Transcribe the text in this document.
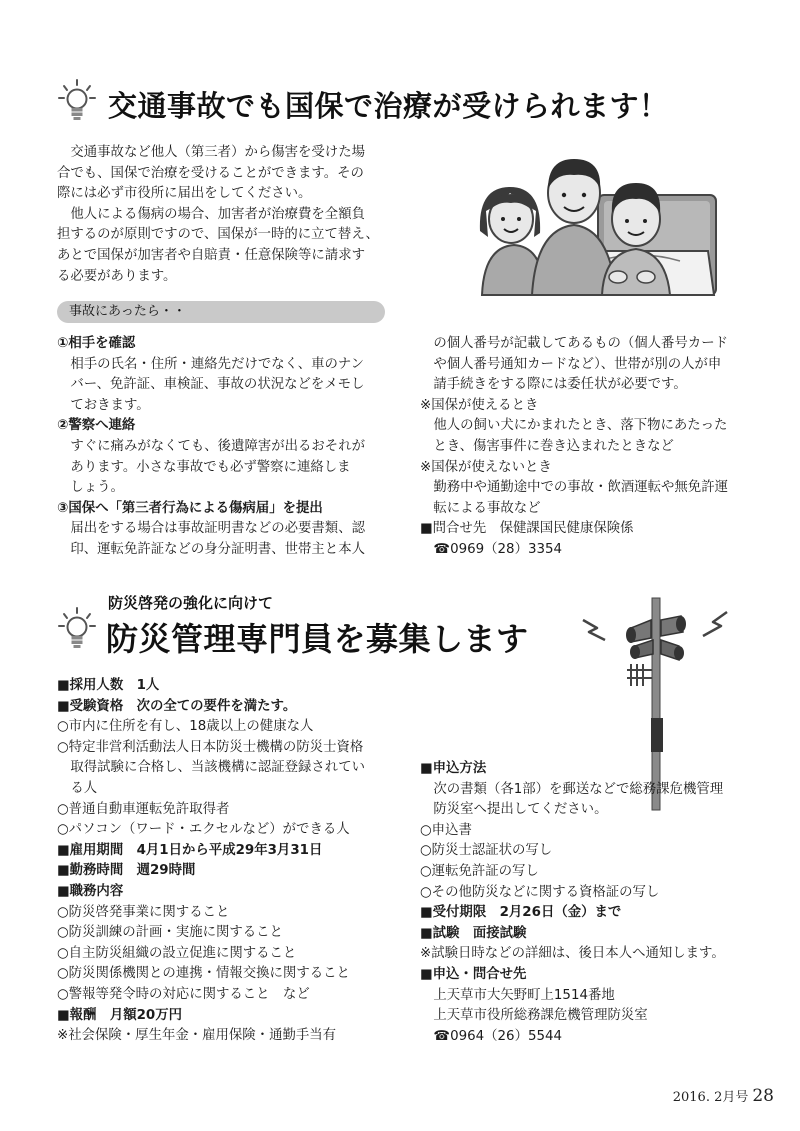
交通事故でも国保で治療が受けられます！
交通事故など他人（第三者）から傷害を受けた場
合でも、国保で治療を受けることができます。その
際には必ず市役所に届出をしてください。
他人による傷病の場合、加害者が治療費を全額負
担するのが原則ですので、国保が一時的に立て替え、
あとで国保が加害者や自賠責・任意保険等に請求す
る必要があります。
事故にあったら・・
①相手を確認
相手の氏名・住所・連絡先だけでなく、車のナン
バー、免許証、車検証、事故の状況などをメモし
ておきます。
②警察へ連絡
すぐに痛みがなくても、後遺障害が出るおそれが
あります。小さな事故でも必ず警察に連絡しま
しょう。
③国保へ「第三者行為による傷病届」を提出
届出をする場合は事故証明書などの必要書類、認
印、運転免許証などの身分証明書、世帯主と本人
の個人番号が記載してあるもの（個人番号カード
や個人番号通知カードなど）、世帯が別の人が申
請手続きをする際には委任状が必要です。
※国保が使えるとき
他人の飼い犬にかまれたとき、落下物にあたった
とき、傷害事件に巻き込まれたときなど
※国保が使えないとき
勤務中や通勤途中での事故・飲酒運転や無免許運
転による事故など
■問合せ先　保健課国民健康保険係
☎0969（28）3354
防災啓発の強化に向けて
防災管理専門員を募集します
■採用人数　1人
■受験資格　次の全ての要件を満たす。
○市内に住所を有し、18歳以上の健康な人
○特定非営利活動法人日本防災士機構の防災士資格
取得試験に合格し、当該機構に認証登録されてい
る人
○普通自動車運転免許取得者
○パソコン（ワード・エクセルなど）ができる人
■雇用期間　4月1日から平成29年3月31日
■勤務時間　週29時間
■職務内容
○防災啓発事業に関すること
○防災訓練の計画・実施に関すること
○自主防災組織の設立促進に関すること
○防災関係機関との連携・情報交換に関すること
○警報等発令時の対応に関すること　など
■報酬　月額20万円
※社会保険・厚生年金・雇用保険・通勤手当有
■申込方法
次の書類（各1部）を郵送などで総務課危機管理
防災室へ提出してください。
○申込書
○防災士認証状の写し
○運転免許証の写し
○その他防災などに関する資格証の写し
■受付期限　2月26日（金）まで
■試験　面接試験
※試験日時などの詳細は、後日本人へ通知します。
■申込・問合せ先
上天草市大矢野町上1514番地
上天草市役所総務課危機管理防災室
☎0964（26）5544
2016. 2月号 28
